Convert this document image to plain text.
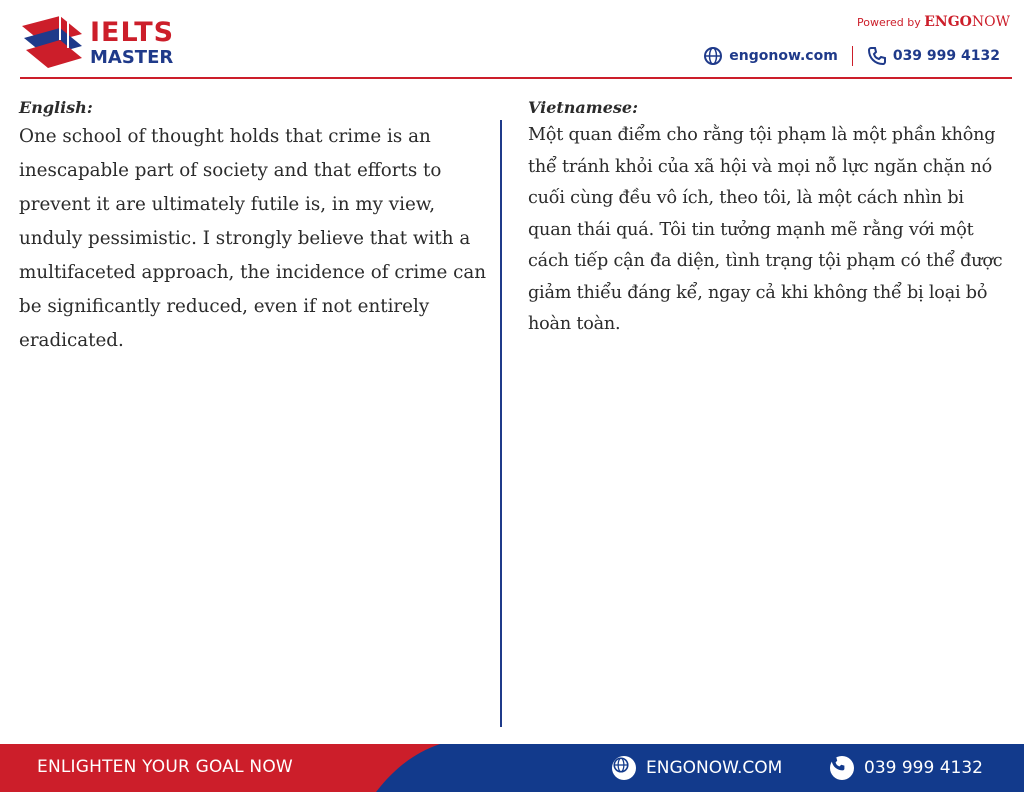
IELTS
MASTER
Powered by ENGONOW
engonow.com	039 999 4132
English:
One school of thought holds that crime is an inescapable part of society and that efforts to prevent it are ultimately futile is, in my view, unduly pessimistic. I strongly believe that with a multifaceted approach, the incidence of crime can be significantly reduced, even if not entirely eradicated.
Vietnamese:
Một quan điểm cho rằng tội phạm là một phần không thể tránh khỏi của xã hội và mọi nỗ lực ngăn chặn nó cuối cùng đều vô ích, theo tôi, là một cách nhìn bi quan thái quá. Tôi tin tưởng mạnh mẽ rằng với một cách tiếp cận đa diện, tình trạng tội phạm có thể được giảm thiểu đáng kể, ngay cả khi không thể bị loại bỏ hoàn toàn.
ENLIGHTEN YOUR GOAL NOW	ENGONOW.COM	039 999 4132
